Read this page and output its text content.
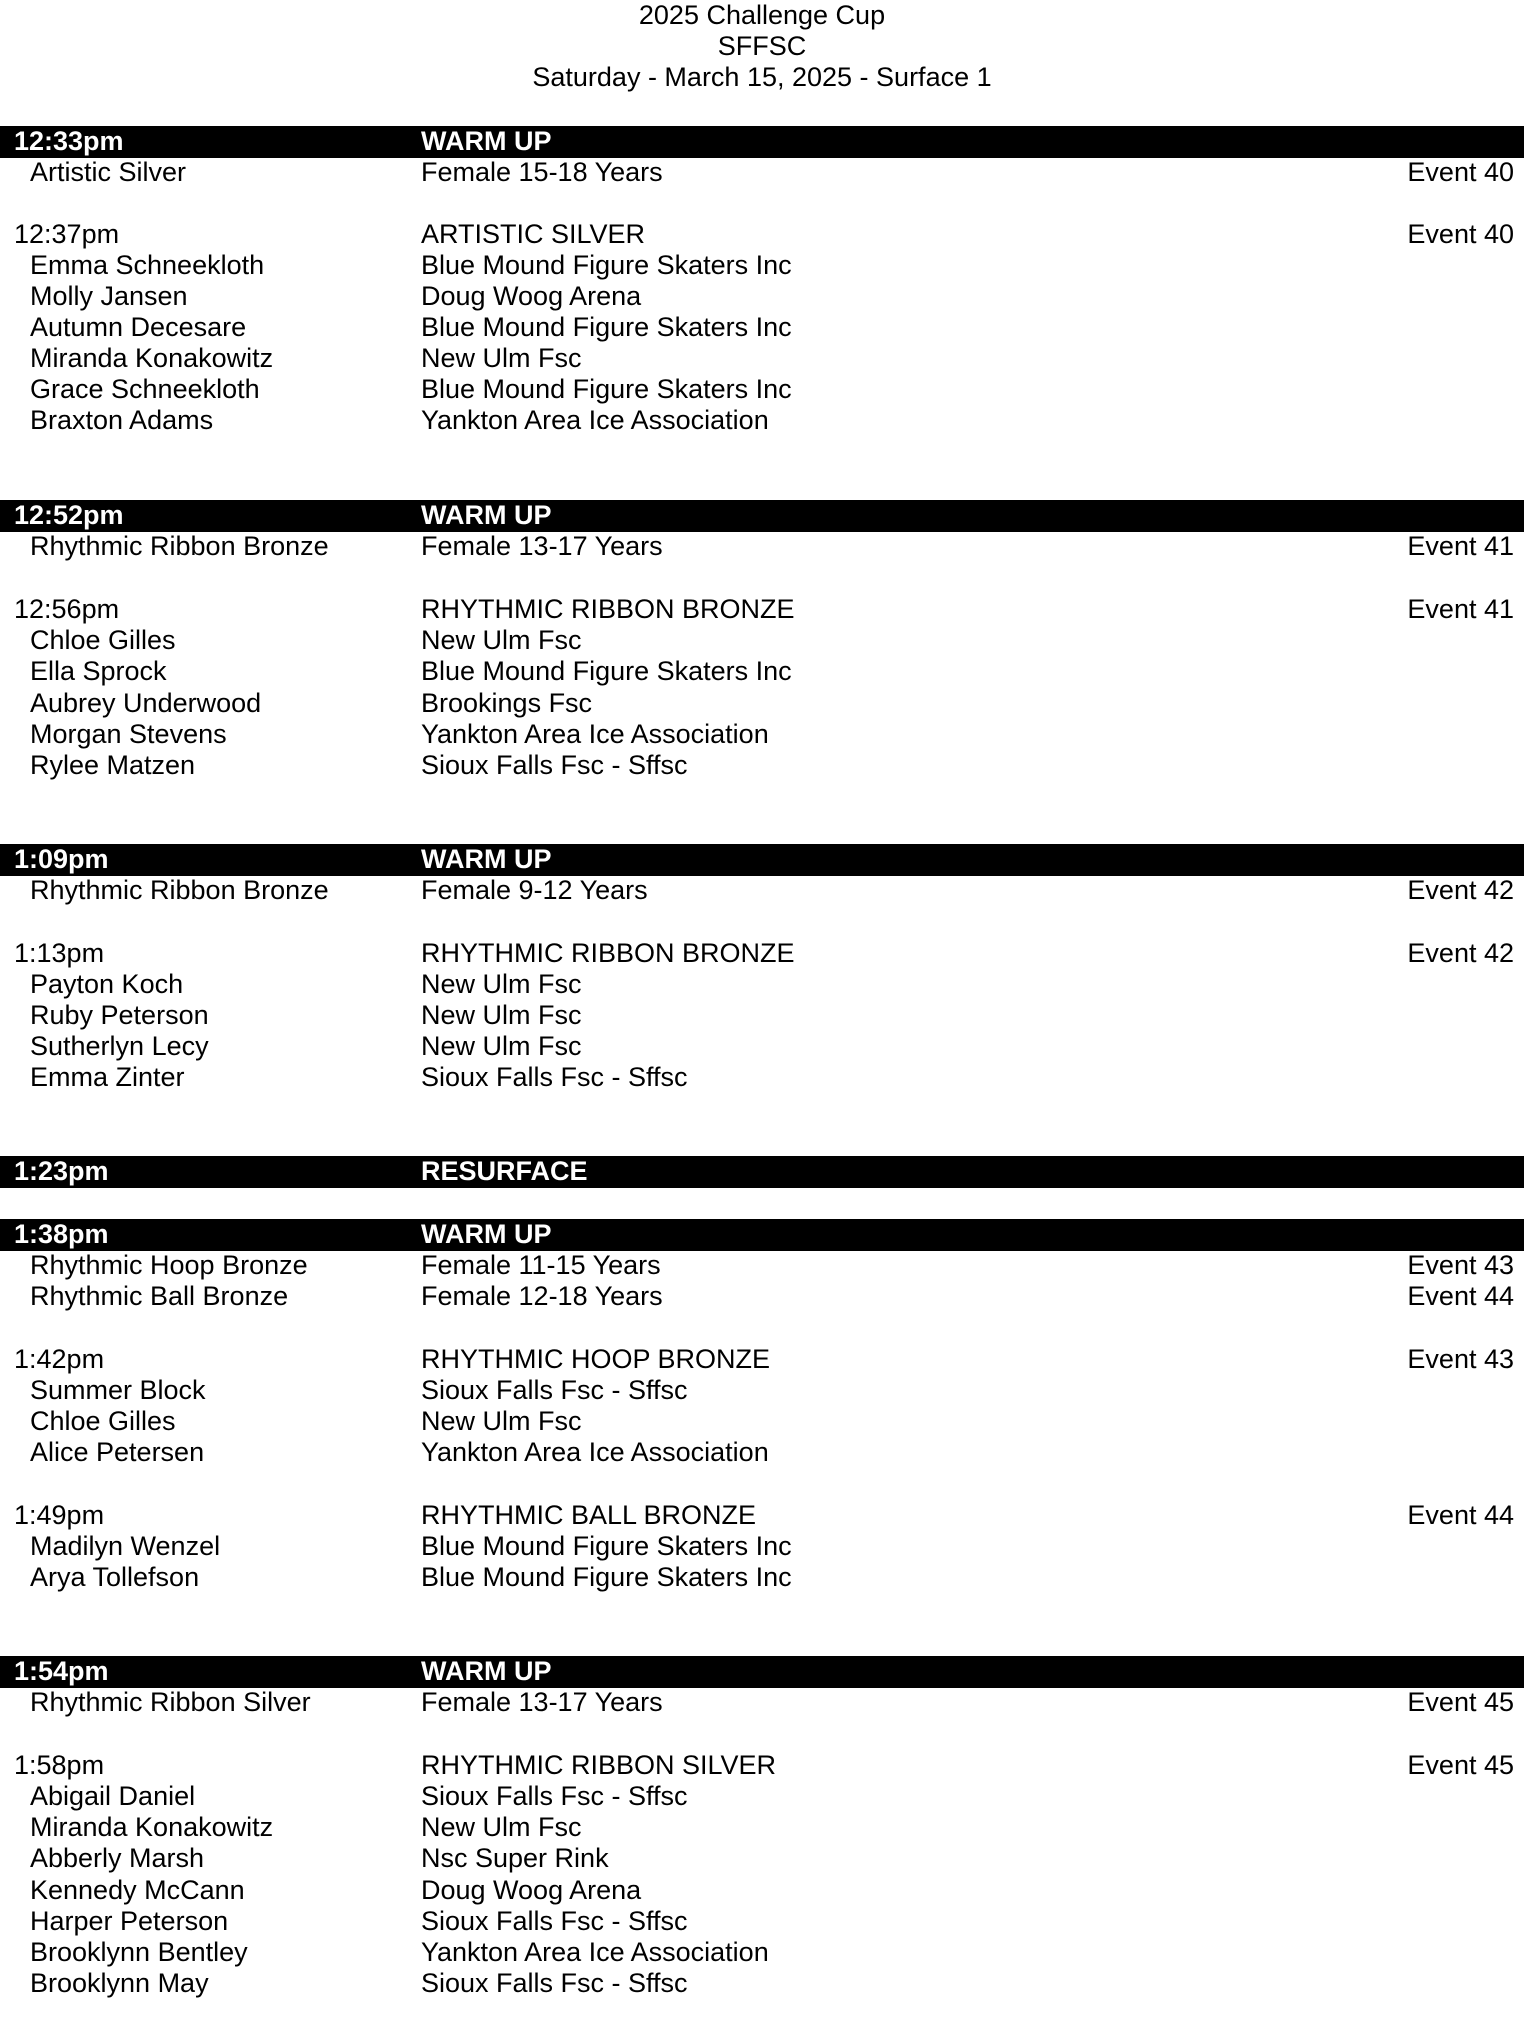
2025 Challenge Cup
SFFSC
Saturday - March 15, 2025 - Surface 1
12:33pm	WARM UP
Artistic Silver	Female 15-18 Years	Event 40
12:37pm	ARTISTIC SILVER	Event 40
Emma Schneekloth	Blue Mound Figure Skaters Inc
Molly Jansen	Doug Woog Arena
Autumn Decesare	Blue Mound Figure Skaters Inc
Miranda Konakowitz	New Ulm Fsc
Grace Schneekloth	Blue Mound Figure Skaters Inc
Braxton Adams	Yankton Area Ice Association
12:52pm	WARM UP
Rhythmic Ribbon Bronze	Female 13-17 Years	Event 41
12:56pm	RHYTHMIC RIBBON BRONZE	Event 41
Chloe Gilles	New Ulm Fsc
Ella Sprock	Blue Mound Figure Skaters Inc
Aubrey Underwood	Brookings Fsc
Morgan Stevens	Yankton Area Ice Association
Rylee Matzen	Sioux Falls Fsc - Sffsc
1:09pm	WARM UP
Rhythmic Ribbon Bronze	Female 9-12 Years	Event 42
1:13pm	RHYTHMIC RIBBON BRONZE	Event 42
Payton Koch	New Ulm Fsc
Ruby Peterson	New Ulm Fsc
Sutherlyn Lecy	New Ulm Fsc
Emma Zinter	Sioux Falls Fsc - Sffsc
1:23pm	RESURFACE
1:38pm	WARM UP
Rhythmic Hoop Bronze	Female 11-15 Years	Event 43
Rhythmic Ball Bronze	Female 12-18 Years	Event 44
1:42pm	RHYTHMIC HOOP BRONZE	Event 43
Summer Block	Sioux Falls Fsc - Sffsc
Chloe Gilles	New Ulm Fsc
Alice Petersen	Yankton Area Ice Association
1:49pm	RHYTHMIC BALL BRONZE	Event 44
Madilyn Wenzel	Blue Mound Figure Skaters Inc
Arya Tollefson	Blue Mound Figure Skaters Inc
1:54pm	WARM UP
Rhythmic Ribbon Silver	Female 13-17 Years	Event 45
1:58pm	RHYTHMIC RIBBON SILVER	Event 45
Abigail Daniel	Sioux Falls Fsc - Sffsc
Miranda Konakowitz	New Ulm Fsc
Abberly Marsh	Nsc Super Rink
Kennedy McCann	Doug Woog Arena
Harper Peterson	Sioux Falls Fsc - Sffsc
Brooklynn Bentley	Yankton Area Ice Association
Brooklynn May	Sioux Falls Fsc - Sffsc
